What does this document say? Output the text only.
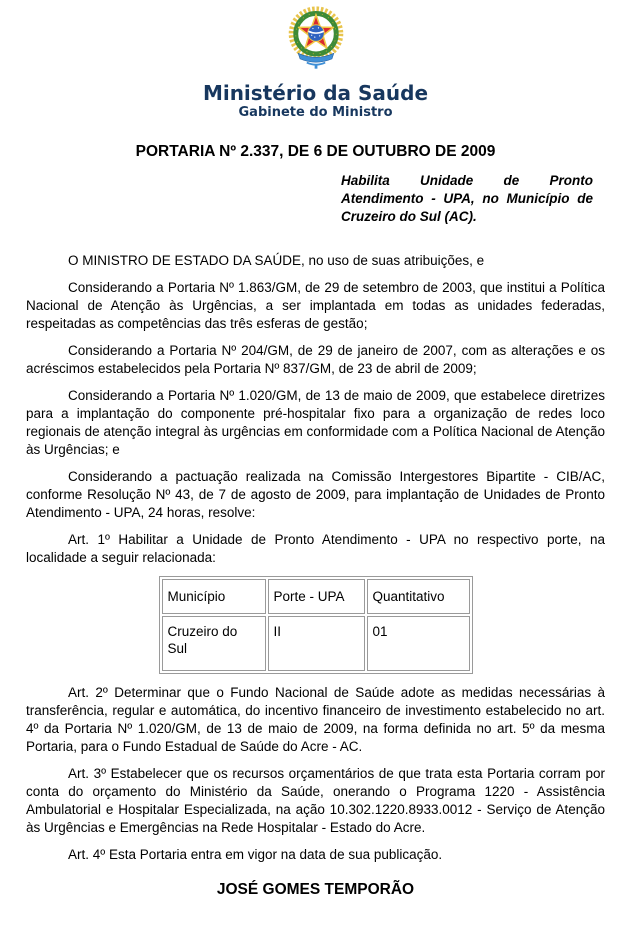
Ministério da Saúde
Gabinete do Ministro
PORTARIA Nº 2.337, DE 6 DE OUTUBRO DE 2009
Habilita Unidade de Pronto Atendimento - UPA, no Município de Cruzeiro do Sul (AC).

O MINISTRO DE ESTADO DA SAÚDE, no uso de suas atribuições, e

Considerando a Portaria Nº 1.863/GM, de 29 de setembro de 2003, que institui a Política Nacional de Atenção às Urgências, a ser implantada em todas as unidades federadas, respeitadas as competências das três esferas de gestão;

Considerando a Portaria Nº 204/GM, de 29 de janeiro de 2007, com as alterações e os acréscimos estabelecidos pela Portaria Nº 837/GM, de 23 de abril de 2009;

Considerando a Portaria Nº 1.020/GM, de 13 de maio de 2009, que estabelece diretrizes para a implantação do componente pré-hospitalar fixo para a organização de redes loco regionais de atenção integral às urgências em conformidade com a Política Nacional de Atenção às Urgências; e

Considerando a pactuação realizada na Comissão Intergestores Bipartite - CIB/AC, conforme Resolução Nº 43, de 7 de agosto de 2009, para implantação de Unidades de Pronto Atendimento - UPA, 24 horas, resolve:

Art. 1º Habilitar a Unidade de Pronto Atendimento - UPA no respectivo porte, na localidade a seguir relacionada:

Município	Porte - UPA	Quantitativo
Cruzeiro do Sul	II	01

Art. 2º Determinar que o Fundo Nacional de Saúde adote as medidas necessárias à transferência, regular e automática, do incentivo financeiro de investimento estabelecido no art. 4º da Portaria Nº 1.020/GM, de 13 de maio de 2009, na forma definida no art. 5º da mesma Portaria, para o Fundo Estadual de Saúde do Acre - AC.

Art. 3º Estabelecer que os recursos orçamentários de que trata esta Portaria corram por conta do orçamento do Ministério da Saúde, onerando o Programa 1220 - Assistência Ambulatorial e Hospitalar Especializada, na ação 10.302.1220.8933.0012 - Serviço de Atenção às Urgências e Emergências na Rede Hospitalar - Estado do Acre.

Art. 4º Esta Portaria entra em vigor na data de sua publicação.

JOSÉ GOMES TEMPORÃO
